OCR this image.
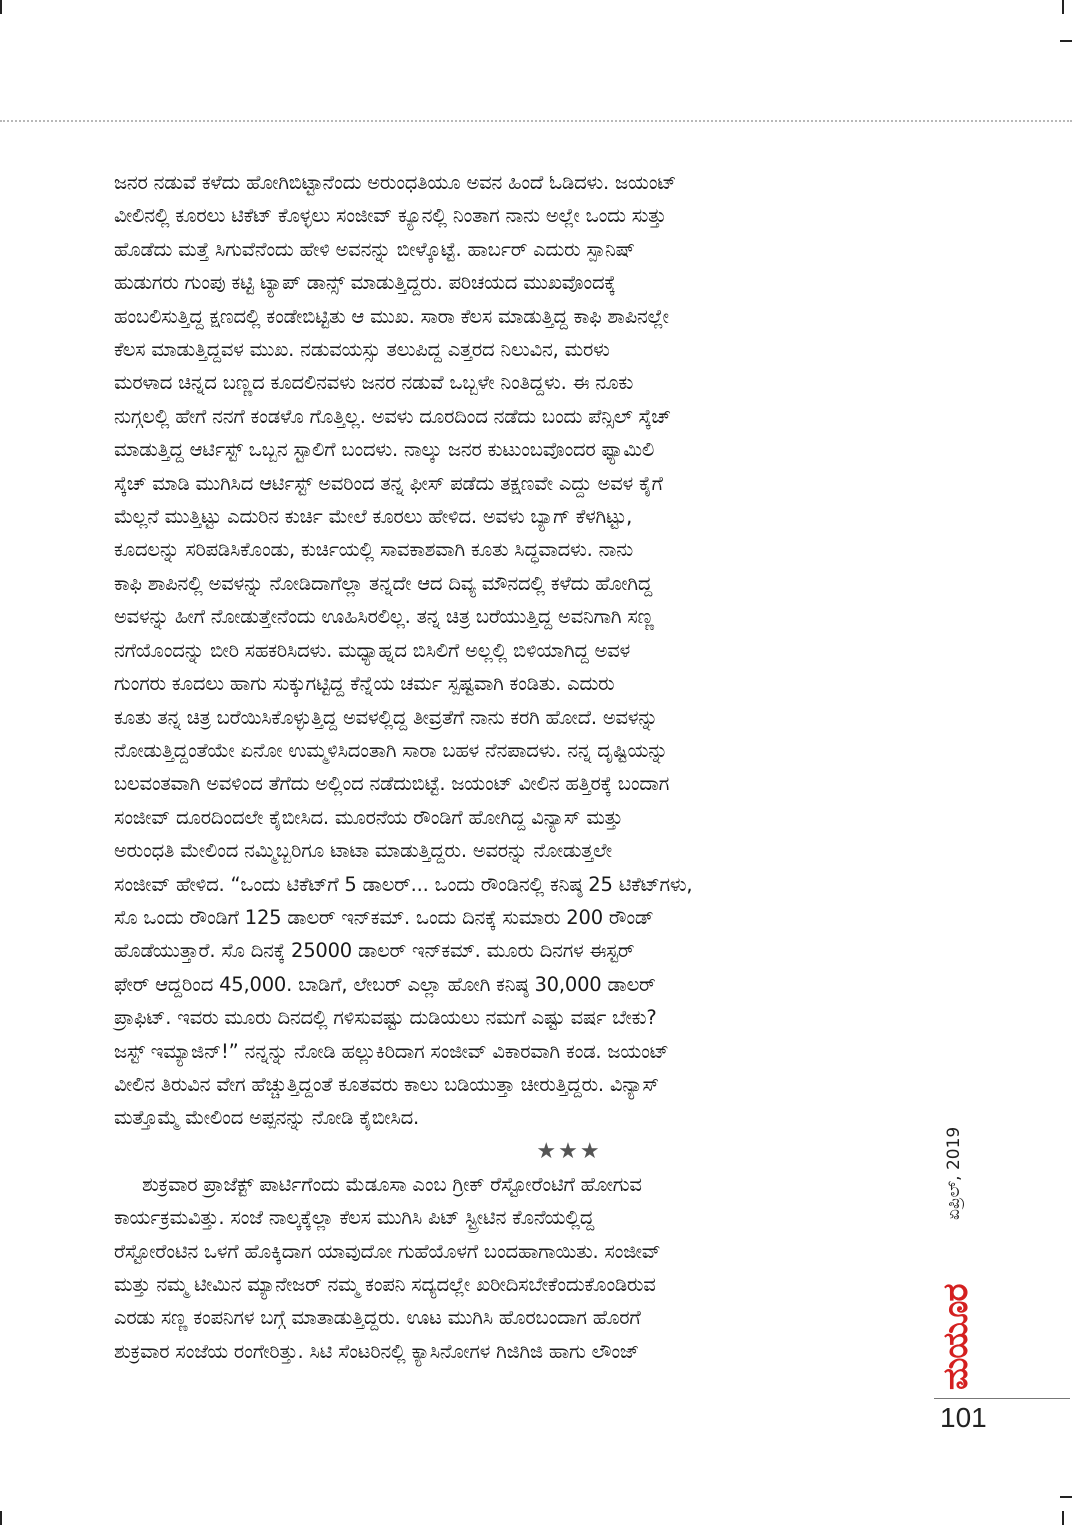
ಜನರ ನಡುವೆ ಕಳೆದು ಹೋಗಿಬಿಟ್ಟಾನೆಂದು ಅರುಂಧತಿಯೂ ಅವನ ಹಿಂದೆ ಓಡಿದಳು. ಜಯಂಟ್

ವೀಲಿನಲ್ಲಿ ಕೂರಲು ಟಿಕೆಟ್ ಕೊಳ್ಳಲು ಸಂಜೀವ್ ಕ್ಯೂನಲ್ಲಿ ನಿಂತಾಗ ನಾನು ಅಲ್ಲೇ ಒಂದು ಸುತ್ತು

ಹೊಡೆದು ಮತ್ತೆ ಸಿಗುವೆನೆಂದು ಹೇಳಿ ಅವನನ್ನು ಬೀಳ್ಕೊಟ್ಟೆ. ಹಾರ್ಬರ್ ಎದುರು ಸ್ಪಾನಿಷ್

ಹುಡುಗರು ಗುಂಪು ಕಟ್ಟಿ ಟ್ಯಾಪ್ ಡಾನ್ಸ್ ಮಾಡುತ್ತಿದ್ದರು. ಪರಿಚಯದ ಮುಖವೊಂದಕ್ಕೆ

ಹಂಬಲಿಸುತ್ತಿದ್ದ ಕ್ಷಣದಲ್ಲಿ ಕಂಡೇಬಿಟ್ಟಿತು ಆ ಮುಖ. ಸಾರಾ ಕೆಲಸ ಮಾಡುತ್ತಿದ್ದ ಕಾಫಿ ಶಾಪಿನಲ್ಲೇ

ಕೆಲಸ ಮಾಡುತ್ತಿದ್ದವಳ ಮುಖ. ನಡುವಯಸ್ಸು ತಲುಪಿದ್ದ ಎತ್ತರದ ನಿಲುವಿನ, ಮರಳು

ಮರಳಾದ ಚಿನ್ನದ ಬಣ್ಣದ ಕೂದಲಿನವಳು ಜನರ ನಡುವೆ ಒಬ್ಬಳೇ ನಿಂತಿದ್ದಳು. ಈ ನೂಕು

ನುಗ್ಗಲಲ್ಲಿ ಹೇಗೆ ನನಗೆ ಕಂಡಳೊ ಗೊತ್ತಿಲ್ಲ. ಅವಳು ದೂರದಿಂದ ನಡೆದು ಬಂದು ಪೆನ್ಸಿಲ್ ಸ್ಕೆಚ್

ಮಾಡುತ್ತಿದ್ದ ಆರ್ಟಿಸ್ಟ್ ಒಬ್ಬನ ಸ್ಟಾಲಿಗೆ ಬಂದಳು. ನಾಲ್ಕು ಜನರ ಕುಟುಂಬವೊಂದರ ಫ್ಯಾಮಿಲಿ

ಸ್ಕೆಚ್ ಮಾಡಿ ಮುಗಿಸಿದ ಆರ್ಟಿಸ್ಟ್ ಅವರಿಂದ ತನ್ನ ಫೀಸ್ ಪಡೆದು ತಕ್ಷಣವೇ ಎದ್ದು ಅವಳ ಕೈಗೆ

ಮೆಲ್ಲನೆ ಮುತ್ತಿಟ್ಟು ಎದುರಿನ ಕುರ್ಚಿ ಮೇಲೆ ಕೂರಲು ಹೇಳಿದ. ಅವಳು ಬ್ಯಾಗ್ ಕೆಳಗಿಟ್ಟು,

ಕೂದಲನ್ನು ಸರಿಪಡಿಸಿಕೊಂಡು, ಕುರ್ಚಿಯಲ್ಲಿ ಸಾವಕಾಶವಾಗಿ ಕೂತು ಸಿದ್ಧವಾದಳು. ನಾನು

ಕಾಫಿ ಶಾಪಿನಲ್ಲಿ ಅವಳನ್ನು ನೋಡಿದಾಗೆಲ್ಲಾ ತನ್ನದೇ ಆದ ದಿವ್ಯ ಮೌನದಲ್ಲಿ ಕಳೆದು ಹೋಗಿದ್ದ

ಅವಳನ್ನು ಹೀಗೆ ನೋಡುತ್ತೇನೆಂದು ಊಹಿಸಿರಲಿಲ್ಲ. ತನ್ನ ಚಿತ್ರ ಬರೆಯುತ್ತಿದ್ದ ಅವನಿಗಾಗಿ ಸಣ್ಣ

ನಗೆಯೊಂದನ್ನು ಬೀರಿ ಸಹಕರಿಸಿದಳು. ಮಧ್ಯಾಹ್ನದ ಬಿಸಿಲಿಗೆ ಅಲ್ಲಲ್ಲಿ ಬಿಳಿಯಾಗಿದ್ದ ಅವಳ

ಗುಂಗರು ಕೂದಲು ಹಾಗು ಸುಕ್ಕುಗಟ್ಟಿದ್ದ ಕೆನ್ನೆಯ ಚರ್ಮ ಸ್ಪಷ್ಟವಾಗಿ ಕಂಡಿತು. ಎದುರು

ಕೂತು ತನ್ನ ಚಿತ್ರ ಬರೆಯಿಸಿಕೊಳ್ಳುತ್ತಿದ್ದ ಅವಳಲ್ಲಿದ್ದ ತೀವ್ರತೆಗೆ ನಾನು ಕರಗಿ ಹೋದೆ. ಅವಳನ್ನು

ನೋಡುತ್ತಿದ್ದಂತೆಯೇ ಏನೋ ಉಮ್ಮಳಿಸಿದಂತಾಗಿ ಸಾರಾ ಬಹಳ ನೆನಪಾದಳು. ನನ್ನ ದೃಷ್ಟಿಯನ್ನು

ಬಲವಂತವಾಗಿ ಅವಳಿಂದ ತೆಗೆದು ಅಲ್ಲಿಂದ ನಡೆದುಬಿಟ್ಟೆ. ಜಯಂಟ್ ವೀಲಿನ ಹತ್ತಿರಕ್ಕೆ ಬಂದಾಗ

ಸಂಜೀವ್ ದೂರದಿಂದಲೇ ಕೈಬೀಸಿದ. ಮೂರನೆಯ ರೌಂಡಿಗೆ ಹೋಗಿದ್ದ ವಿನ್ಯಾಸ್ ಮತ್ತು

ಅರುಂಧತಿ ಮೇಲಿಂದ ನಮ್ಮಿಬ್ಬರಿಗೂ ಟಾಟಾ ಮಾಡುತ್ತಿದ್ದರು. ಅವರನ್ನು ನೋಡುತ್ತಲೇ

ಸಂಜೀವ್ ಹೇಳಿದ. “ಒಂದು ಟಿಕೆಟ್‌ಗೆ 5 ಡಾಲರ್... ಒಂದು ರೌಂಡಿನಲ್ಲಿ ಕನಿಷ್ಠ 25 ಟಿಕೆಟ್‌ಗಳು,

ಸೊ ಒಂದು ರೌಂಡಿಗೆ 125 ಡಾಲರ್ ಇನ್‌ಕಮ್. ಒಂದು ದಿನಕ್ಕೆ ಸುಮಾರು 200 ರೌಂಡ್

ಹೊಡೆಯುತ್ತಾರೆ. ಸೊ ದಿನಕ್ಕೆ 25000 ಡಾಲರ್ ಇನ್‌ಕಮ್. ಮೂರು ದಿನಗಳ ಈಸ್ಟರ್

ಫೇರ್ ಆದ್ದರಿಂದ 45,000. ಬಾಡಿಗೆ, ಲೇಬರ್ ಎಲ್ಲಾ ಹೋಗಿ ಕನಿಷ್ಠ 30,000 ಡಾಲರ್

ಪ್ರಾಫಿಟ್. ಇವರು ಮೂರು ದಿನದಲ್ಲಿ ಗಳಿಸುವಷ್ಟು ದುಡಿಯಲು ನಮಗೆ ಎಷ್ಟು ವರ್ಷ ಬೇಕು?

ಜಸ್ಟ್ ಇಮ್ಯಾಜಿನ್!” ನನ್ನನ್ನು ನೋಡಿ ಹಲ್ಲುಕಿರಿದಾಗ ಸಂಜೀವ್ ವಿಕಾರವಾಗಿ ಕಂಡ. ಜಯಂಟ್

ವೀಲಿನ ತಿರುವಿನ ವೇಗ ಹೆಚ್ಚುತ್ತಿದ್ದಂತೆ ಕೂತವರು ಕಾಲು ಬಡಿಯುತ್ತಾ ಚೀರುತ್ತಿದ್ದರು. ವಿನ್ಯಾಸ್

ಮತ್ತೊಮ್ಮೆ ಮೇಲಿಂದ ಅಪ್ಪನನ್ನು ನೋಡಿ ಕೈಬೀಸಿದ.

★★★

ಶುಕ್ರವಾರ ಪ್ರಾಜೆಕ್ಟ್ ಪಾರ್ಟಿಗೆಂದು ಮೆಡೂಸಾ ಎಂಬ ಗ್ರೀಕ್ ರೆಸ್ಟೋರೆಂಟಿಗೆ ಹೋಗುವ

ಕಾರ್ಯಕ್ರಮವಿತ್ತು. ಸಂಜೆ ನಾಲ್ಕಕ್ಕೆಲ್ಲಾ ಕೆಲಸ ಮುಗಿಸಿ ಪಿಟ್ ಸ್ಟ್ರೀಟಿನ ಕೊನೆಯಲ್ಲಿದ್ದ

ರೆಸ್ಟೋರೆಂಟಿನ ಒಳಗೆ ಹೊಕ್ಕಿದಾಗ ಯಾವುದೋ ಗುಹೆಯೊಳಗೆ ಬಂದಹಾಗಾಯಿತು. ಸಂಜೀವ್

ಮತ್ತು ನಮ್ಮ ಟೀಮಿನ ಮ್ಯಾನೇಜರ್ ನಮ್ಮ ಕಂಪನಿ ಸದ್ಯದಲ್ಲೇ ಖರೀದಿಸಬೇಕೆಂದುಕೊಂಡಿರುವ

ಎರಡು ಸಣ್ಣ ಕಂಪನಿಗಳ ಬಗ್ಗೆ ಮಾತಾಡುತ್ತಿದ್ದರು. ಊಟ ಮುಗಿಸಿ ಹೊರಬಂದಾಗ ಹೊರಗೆ

ಶುಕ್ರವಾರ ಸಂಜೆಯ ರಂಗೇರಿತ್ತು. ಸಿಟಿ ಸೆಂಟರಿನಲ್ಲಿ ಕ್ಯಾಸಿನೋಗಳ ಗಿಜಿಗಿಜಿ ಹಾಗು ಲೌಂಜ್

ಏಪ್ರಿಲ್, 2019
ಮಯೂರ
101
